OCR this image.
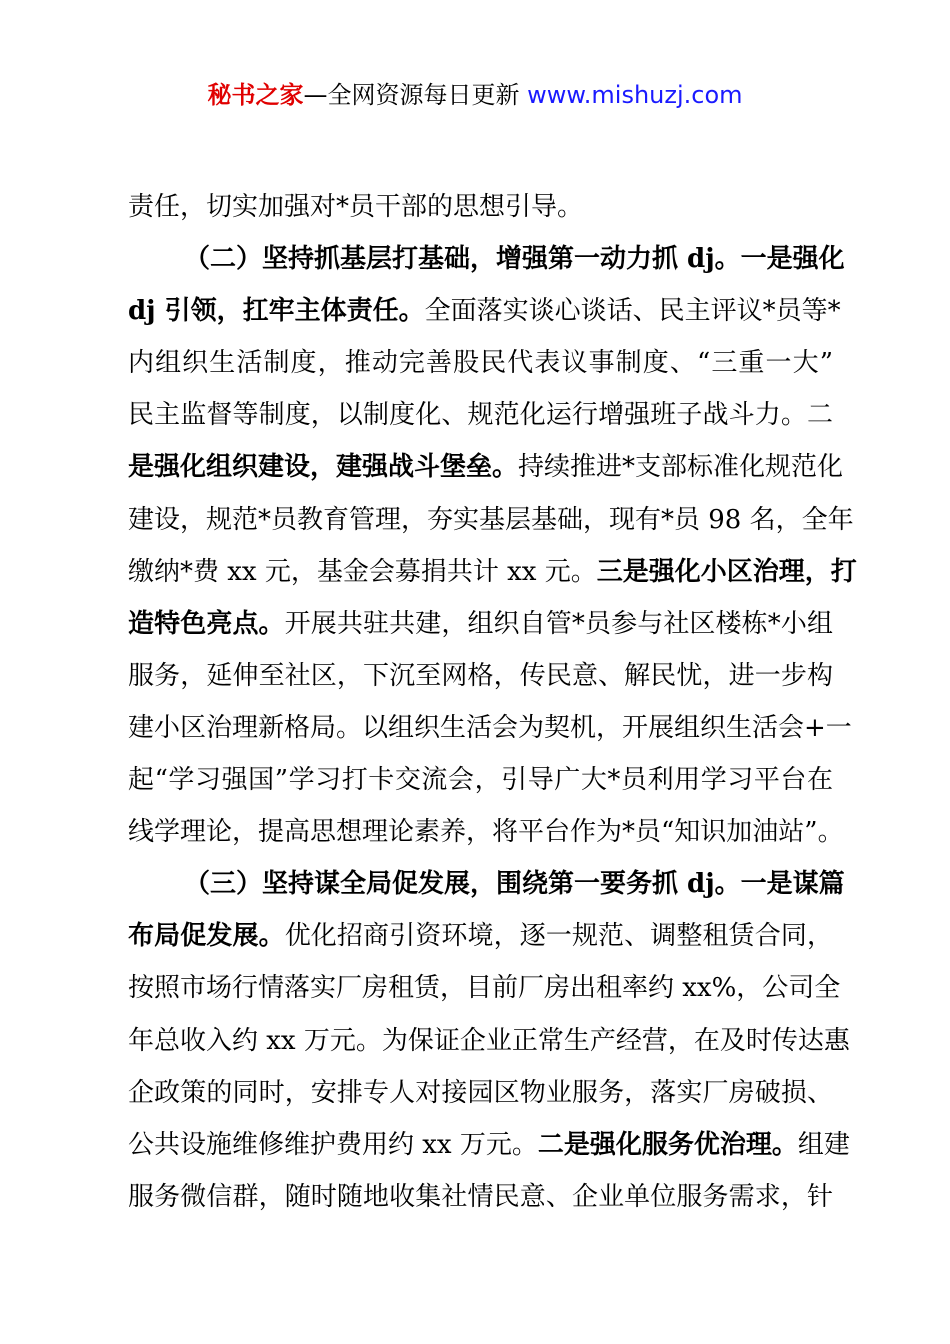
秘书之家—全网资源每日更新 www.mishuzj.com
责任，切实加强对*员干部的思想引导。
（二）坚持抓基层打基础，增强第一动力抓 dj。一是强化
dj 引领，扛牢主体责任。全面落实谈心谈话、民主评议*员等*
内组织生活制度，推动完善股民代表议事制度、“三重一大”
民主监督等制度，以制度化、规范化运行增强班子战斗力。二
是强化组织建设，建强战斗堡垒。持续推进*支部标准化规范化
建设，规范*员教育管理，夯实基层基础，现有*员 98 名，全年
缴纳*费 xx 元，基金会募捐共计 xx 元。三是强化小区治理，打
造特色亮点。开展共驻共建，组织自管*员参与社区楼栋*小组
服务，延伸至社区，下沉至网格，传民意、解民忧，进一步构
建小区治理新格局。以组织生活会为契机，开展组织生活会+一
起“学习强国”学习打卡交流会，引导广大*员利用学习平台在
线学理论，提高思想理论素养，将平台作为*员“知识加油站”。
（三）坚持谋全局促发展，围绕第一要务抓 dj。一是谋篇
布局促发展。优化招商引资环境，逐一规范、调整租赁合同，
按照市场行情落实厂房租赁，目前厂房出租率约 xx%，公司全
年总收入约 xx 万元。为保证企业正常生产经营，在及时传达惠
企政策的同时，安排专人对接园区物业服务，落实厂房破损、
公共设施维修维护费用约 xx 万元。二是强化服务优治理。组建
服务微信群，随时随地收集社情民意、企业单位服务需求，针
